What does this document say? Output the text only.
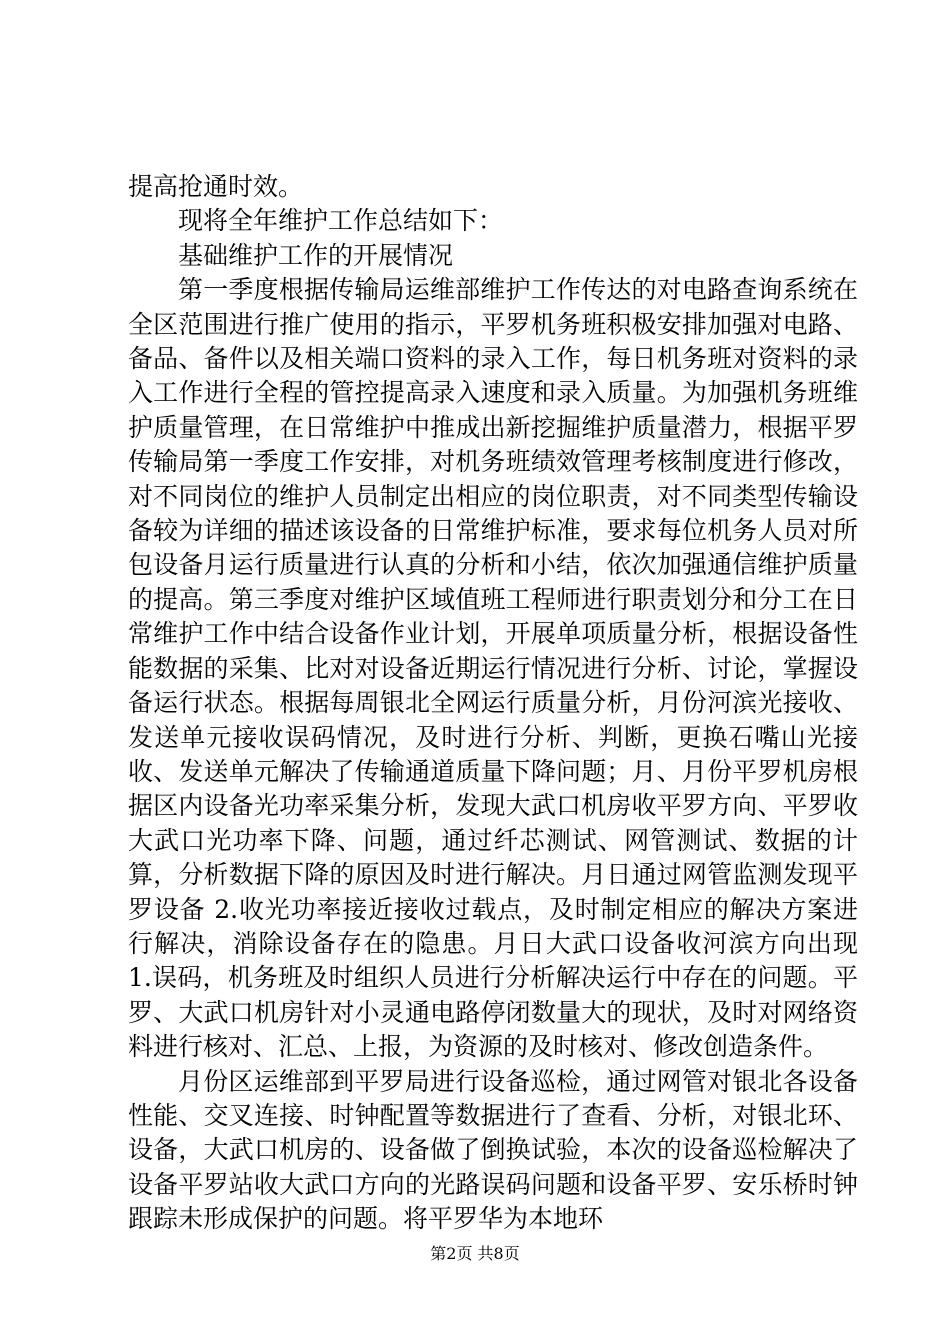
提高抢通时效。

现将全年维护工作总结如下：

基础维护工作的开展情况

第一季度根据传输局运维部维护工作传达的对电路查询系统在全区范围进行推广使用的指示，平罗机务班积极安排加强对电路、备品、备件以及相关端口资料的录入工作，每日机务班对资料的录入工作进行全程的管控提高录入速度和录入质量。为加强机务班维护质量管理，在日常维护中推成出新挖掘维护质量潜力，根据平罗传输局第一季度工作安排，对机务班绩效管理考核制度进行修改，对不同岗位的维护人员制定出相应的岗位职责，对不同类型传输设备较为详细的描述该设备的日常维护标准，要求每位机务人员对所包设备月运行质量进行认真的分析和小结，依次加强通信维护质量的提高。第三季度对维护区域值班工程师进行职责划分和分工在日常维护工作中结合设备作业计划，开展单项质量分析，根据设备性能数据的采集、比对对设备近期运行情况进行分析、讨论，掌握设备运行状态。根据每周银北全网运行质量分析，月份河滨光接收、发送单元接收误码情况，及时进行分析、判断，更换石嘴山光接收、发送单元解决了传输通道质量下降问题；月、月份平罗机房根据区内设备光功率采集分析，发现大武口机房收平罗方向、平罗收大武口光功率下降、问题，通过纤芯测试、网管测试、数据的计算，分析数据下降的原因及时进行解决。月日通过网管监测发现平罗设备 2.收光功率接近接收过载点，及时制定相应的解决方案进行解决，消除设备存在的隐患。月日大武口设备收河滨方向出现 1.误码，机务班及时组织人员进行分析解决运行中存在的问题。平罗、大武口机房针对小灵通电路停闭数量大的现状，及时对网络资料进行核对、汇总、上报，为资源的及时核对、修改创造条件。

月份区运维部到平罗局进行设备巡检，通过网管对银北各设备性能、交叉连接、时钟配置等数据进行了查看、分析，对银北环、设备，大武口机房的、设备做了倒换试验，本次的设备巡检解决了设备平罗站收大武口方向的光路误码问题和设备平罗、安乐桥时钟跟踪未形成保护的问题。将平罗华为本地环

第2页 共8页
